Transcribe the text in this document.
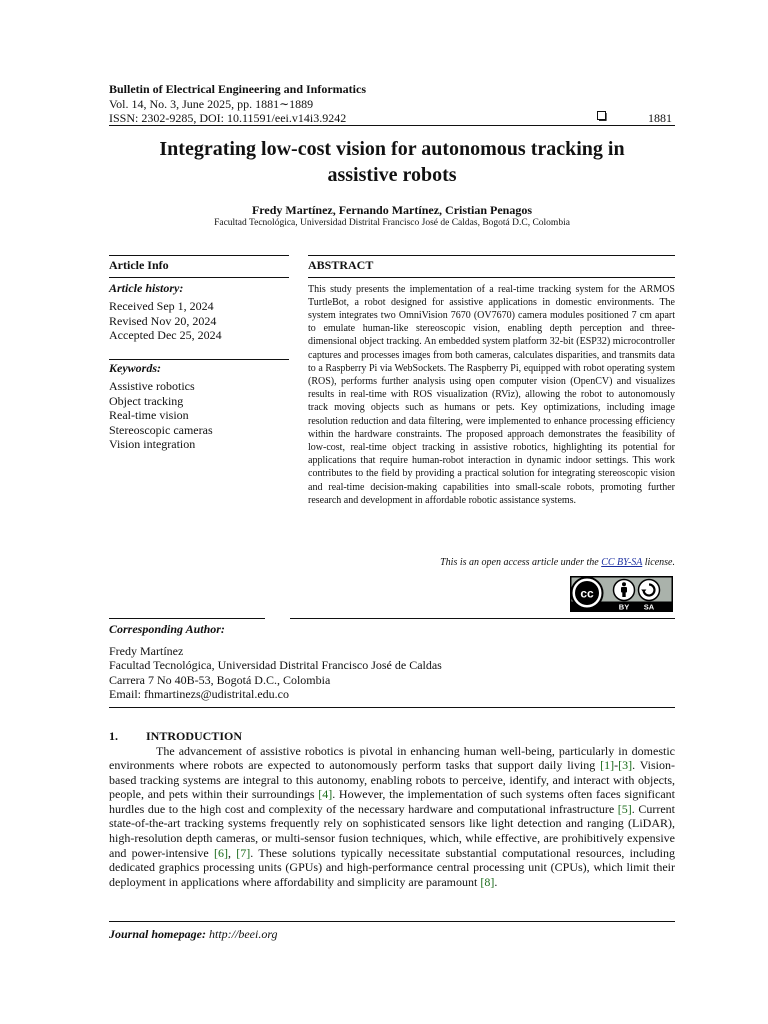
Bulletin of Electrical Engineering and Informatics
Vol. 14, No. 3, June 2025, pp. 1881∼1889
ISSN: 2302-9285, DOI: 10.11591/eei.v14i3.9242	1881
Integrating low-cost vision for autonomous tracking in
assistive robots
Fredy Martínez, Fernando Martínez, Cristian Penagos
Facultad Tecnológica, Universidad Distrital Francisco José de Caldas, Bogotá D.C, Colombia
Article Info
Article history:
Received Sep 1, 2024
Revised Nov 20, 2024
Accepted Dec 25, 2024
Keywords:
Assistive robotics
Object tracking
Real-time vision
Stereoscopic cameras
Vision integration
ABSTRACT

This study presents the implementation of a real-time tracking system for the ARMOS TurtleBot, a robot designed for assistive applications in domestic environments. The system integrates two OmniVision 7670 (OV7670) camera modules positioned 7 cm apart to emulate human-like stereoscopic vision, enabling depth perception and three-dimensional object tracking. An embedded system platform 32-bit (ESP32) microcontroller captures and processes images from both cameras, calculates disparities, and transmits data to a Raspberry Pi via WebSockets. The Raspberry Pi, equipped with robot operating system (ROS), performs further analysis using open computer vision (OpenCV) and visualizes results in real-time with ROS visualization (RViz), allowing the robot to autonomously track moving objects such as humans or pets. Key optimizations, including image resolution reduction and data filtering, were implemented to enhance processing efficiency within the hardware constraints. The proposed approach demonstrates the feasibility of low-cost, real-time object tracking in assistive robotics, highlighting its potential for applications that require human-robot interaction in dynamic indoor settings. This work contributes to the field by providing a practical solution for integrating stereoscopic vision and real-time decision-making capabilities into small-scale robots, promoting further research and development in affordable robotic assistance systems.

This is an open access article under the CC BY-SA license.
cc
BY SA
Corresponding Author:
Fredy Martínez
Facultad Tecnológica, Universidad Distrital Francisco José de Caldas
Carrera 7 No 40B-53, Bogotá D.C., Colombia
Email: fhmartinezs@udistrital.edu.co
1. INTRODUCTION

The advancement of assistive robotics is pivotal in enhancing human well-being, particularly in domestic environments where robots are expected to autonomously perform tasks that support daily living [1]-[3]. Vision-based tracking systems are integral to this autonomy, enabling robots to perceive, identify, and interact with objects, people, and pets within their surroundings [4]. However, the implementation of such systems often faces significant hurdles due to the high cost and complexity of the necessary hardware and computational infrastructure [5]. Current state-of-the-art tracking systems frequently rely on sophisticated sensors like light detection and ranging (LiDAR), high-resolution depth cameras, or multi-sensor fusion techniques, which, while effective, are prohibitively expensive and power-intensive [6], [7]. These solutions typically necessitate substantial computational resources, including dedicated graphics processing units (GPUs) and high-performance central processing unit (CPUs), which limit their deployment in applications where affordability and simplicity are paramount [8].

Journal homepage: http://beei.org
